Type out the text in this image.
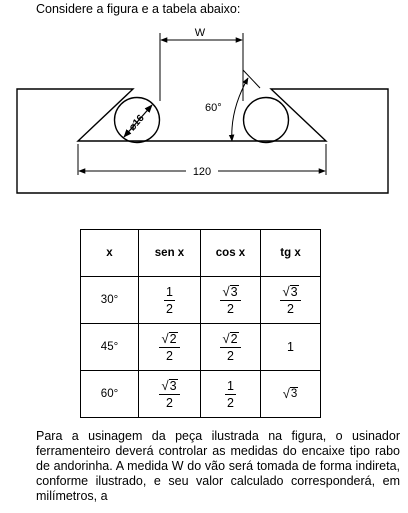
Considere a figura e a tabela abaixo:
⌀16
W
60°
120
x	sen x	cos x	tg x
30°	$\frac{1}{2}$	$\frac{√ 3}{2}$	$\frac{√ 3}{2}$

45°	$\frac{√ 2}{2}$	$\frac{√ 2}{2}$	1
60°	$\frac{√ 3}{2}$	$\frac{1}{2}$	√ 3
Para a usinagem da peça ilustrada na figura, o usinador ferramenteiro deverá controlar as medidas do encaixe tipo rabo de andorinha. A medida W do vão será tomada de forma indireta, conforme ilustrado, e seu valor calculado corresponderá, em milímetros, a
